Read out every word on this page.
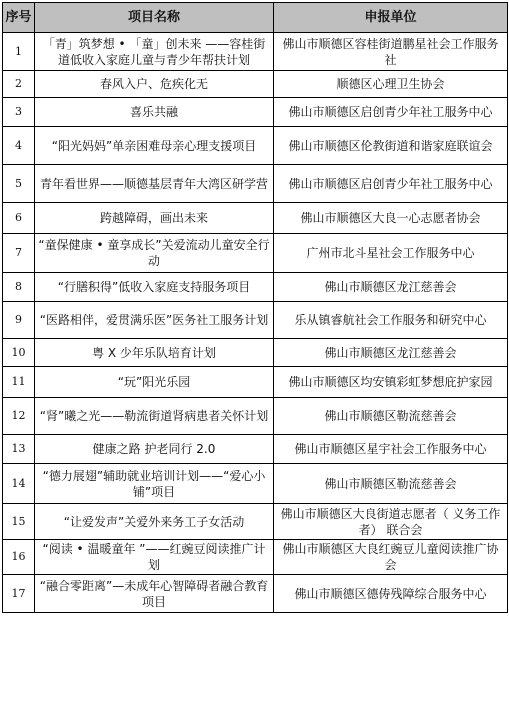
序号	项目名称	申报单位
1	「青」筑梦想 • 「童」创未来 ——容桂街道低收入家庭儿童与青少年帮扶计划	佛山市顺德区容桂街道鹏星社会工作服务社
2	春风入户、危疾化无	顺德区心理卫生协会
3	喜乐共融	佛山市顺德区启创青少年社工服务中心
4	“阳光妈妈”单亲困难母亲心理支援项目	佛山市顺德区伦教街道和谐家庭联谊会
5	青年看世界——顺德基层青年大湾区研学营	佛山市顺德区启创青少年社工服务中心
6	跨越障碍，画出未来	佛山市顺德区大良一心志愿者协会
7	“童保健康 • 童享成长”关爱流动儿童安全行动	广州市北斗星社会工作服务中心
8	“行膳积得”低收入家庭支持服务项目	佛山市顺德区龙江慈善会
9	“医路相伴，爱贯满乐医”医务社工服务计划	乐从镇睿航社会工作服务和研究中心
10	粤 X 少年乐队培育计划	佛山市顺德区龙江慈善会
11	“玩”阳光乐园	佛山市顺德区均安镇彩虹梦想庇护家园
12	“肾”曦之光——勒流街道肾病患者关怀计划	佛山市顺德区勒流慈善会
13	健康之路 护老同行 2.0	佛山市顺德区星宇社会工作服务中心
14	“德力展翅”辅助就业培训计划——“爱心小铺”项目	佛山市顺德区勒流慈善会
15	“让爱发声”关爱外来务工子女活动	佛山市顺德区大良街道志愿者（ 义务工作者） 联合会
16	“阅读 • 温暖童年 ”——红豌豆阅读推广计划	佛山市顺德区大良红豌豆儿童阅读推广协会
17	“融合零距离”—未成年心智障碍者融合教育项目	佛山市顺德区德俦残障综合服务中心
